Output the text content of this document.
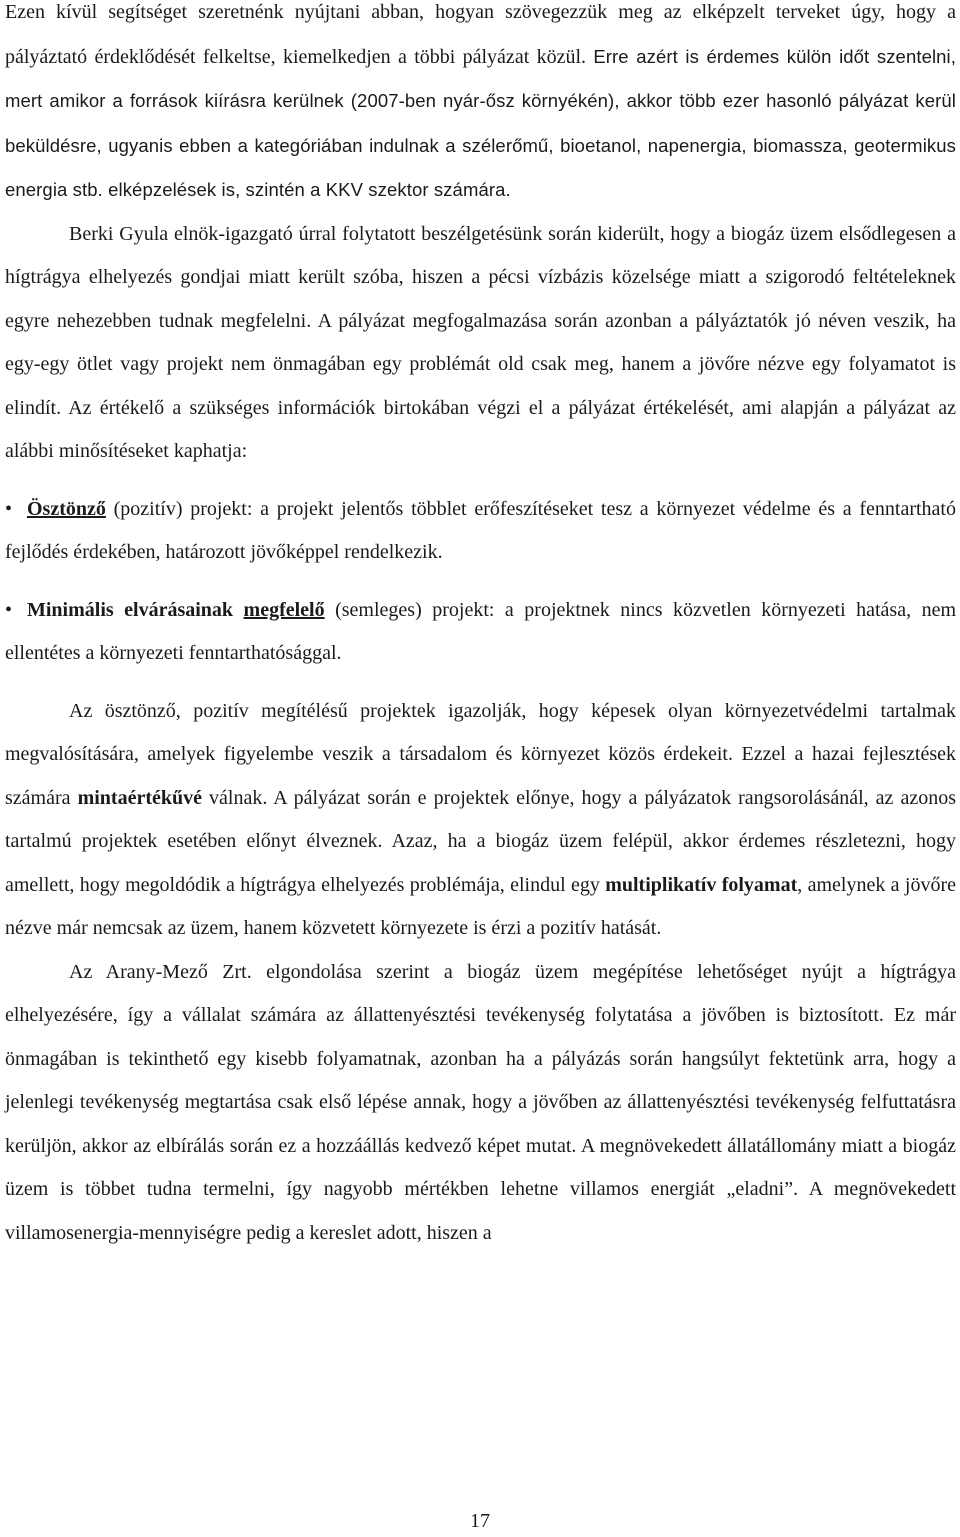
Ezen kívül segítséget szeretnénk nyújtani abban, hogyan szövegezzük meg az elképzelt terveket úgy, hogy a pályáztató érdeklődését felkeltse, kiemelkedjen a többi pályázat közül. Erre azért is érdemes külön időt szentelni, mert amikor a források kiírásra kerülnek (2007-ben nyár-ősz környékén), akkor több ezer hasonló pályázat kerül beküldésre, ugyanis ebben a kategóriában indulnak a szélerőmű, bioetanol, napenergia, biomassza, geotermikus energia stb. elképzelések is, szintén a KKV szektor számára.

Berki Gyula elnök-igazgató úrral folytatott beszélgetésünk során kiderült, hogy a biogáz üzem elsődlegesen a hígtrágya elhelyezés gondjai miatt került szóba, hiszen a pécsi vízbázis közelsége miatt a szigorodó feltételeknek egyre nehezebben tudnak megfelelni. A pályázat megfogalmazása során azonban a pályáztatók jó néven veszik, ha egy-egy ötlet vagy projekt nem önmagában egy problémát old csak meg, hanem a jövőre nézve egy folyamatot is elindít. Az értékelő a szükséges információk birtokában végzi el a pályázat értékelését, ami alapján a pályázat az alábbi minősítéseket kaphatja:

• Ösztönző (pozitív) projekt: a projekt jelentős többlet erőfeszítéseket tesz a környezet védelme és a fenntartható fejlődés érdekében, határozott jövőképpel rendelkezik.

• Minimális elvárásainak megfelelő (semleges) projekt: a projektnek nincs közvetlen környezeti hatása, nem ellentétes a környezeti fenntarthatósággal.

Az ösztönző, pozitív megítélésű projektek igazolják, hogy képesek olyan környezetvédelmi tartalmak megvalósítására, amelyek figyelembe veszik a társadalom és környezet közös érdekeit. Ezzel a hazai fejlesztések számára mintaértékűvé válnak. A pályázat során e projektek előnye, hogy a pályázatok rangsorolásánál, az azonos tartalmú projektek esetében előnyt élveznek. Azaz, ha a biogáz üzem felépül, akkor érdemes részletezni, hogy amellett, hogy megoldódik a hígtrágya elhelyezés problémája, elindul egy multiplikatív folyamat, amelynek a jövőre nézve már nemcsak az üzem, hanem közvetett környezete is érzi a pozitív hatását.

Az Arany-Mező Zrt. elgondolása szerint a biogáz üzem megépítése lehetőséget nyújt a hígtrágya elhelyezésére, így a vállalat számára az állattenyésztési tevékenység folytatása a jövőben is biztosított. Ez már önmagában is tekinthető egy kisebb folyamatnak, azonban ha a pályázás során hangsúlyt fektetünk arra, hogy a jelenlegi tevékenység megtartása csak első lépése annak, hogy a jövőben az állattenyésztési tevékenység felfuttatásra kerüljön, akkor az elbírálás során ez a hozzáállás kedvező képet mutat. A megnövekedett állatállomány miatt a biogáz üzem is többet tudna termelni, így nagyobb mértékben lehetne villamos energiát „eladni”. A megnövekedett villamosenergia-mennyiségre pedig a kereslet adott, hiszen a

17
